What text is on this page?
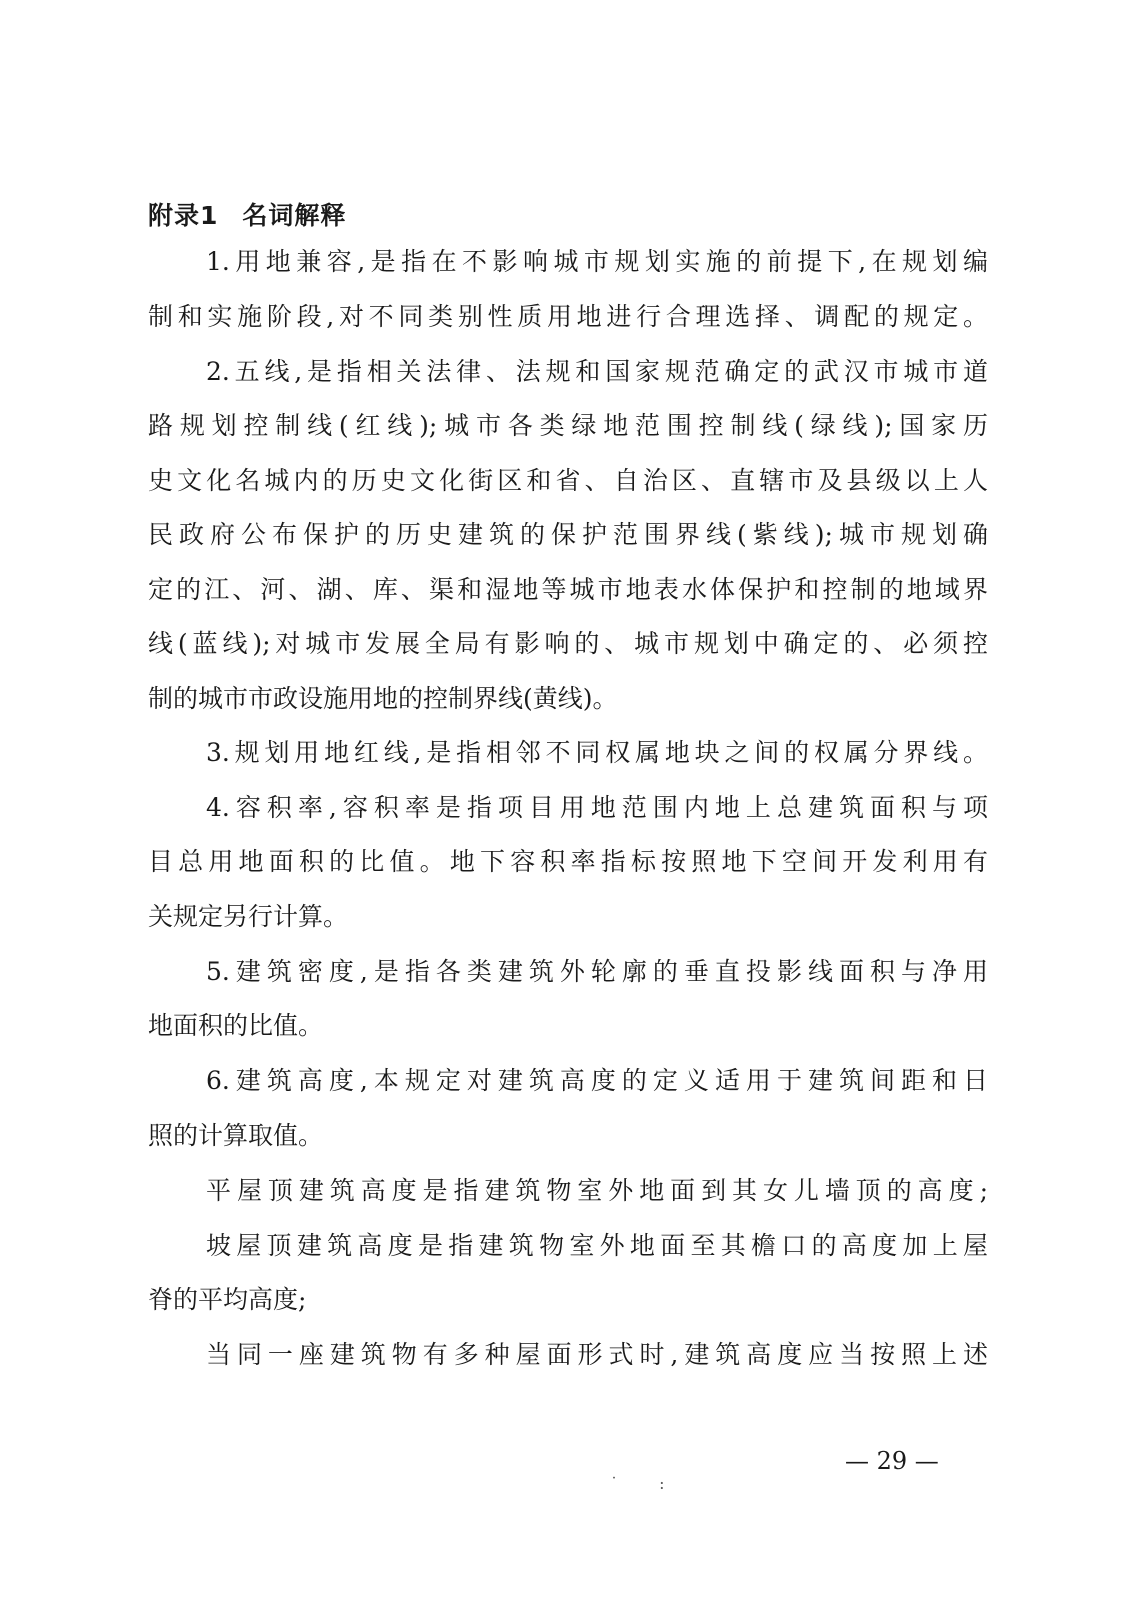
附录1 名词解释
1.用地兼容,是指在不影响城市规划实施的前提下,在规划编
制和实施阶段,对不同类别性质用地进行合理选择、调配的规定。
2.五线,是指相关法律、法规和国家规范确定的武汉市城市道
路规划控制线(红线);城市各类绿地范围控制线(绿线);国家历
史文化名城内的历史文化街区和省、自治区、直辖市及县级以上人
民政府公布保护的历史建筑的保护范围界线(紫线);城市规划确
定的江、河、湖、库、渠和湿地等城市地表水体保护和控制的地域界
线(蓝线);对城市发展全局有影响的、城市规划中确定的、必须控
制的城市市政设施用地的控制界线(黄线)。
3.规划用地红线,是指相邻不同权属地块之间的权属分界线。
4.容积率,容积率是指项目用地范围内地上总建筑面积与项
目总用地面积的比值。地下容积率指标按照地下空间开发利用有
关规定另行计算。
5.建筑密度,是指各类建筑外轮廓的垂直投影线面积与净用
地面积的比值。
6.建筑高度,本规定对建筑高度的定义适用于建筑间距和日
照的计算取值。
平屋顶建筑高度是指建筑物室外地面到其女儿墙顶的高度;
坡屋顶建筑高度是指建筑物室外地面至其檐口的高度加上屋
脊的平均高度;
当同一座建筑物有多种屋面形式时,建筑高度应当按照上述
— 29 —
˙ :
